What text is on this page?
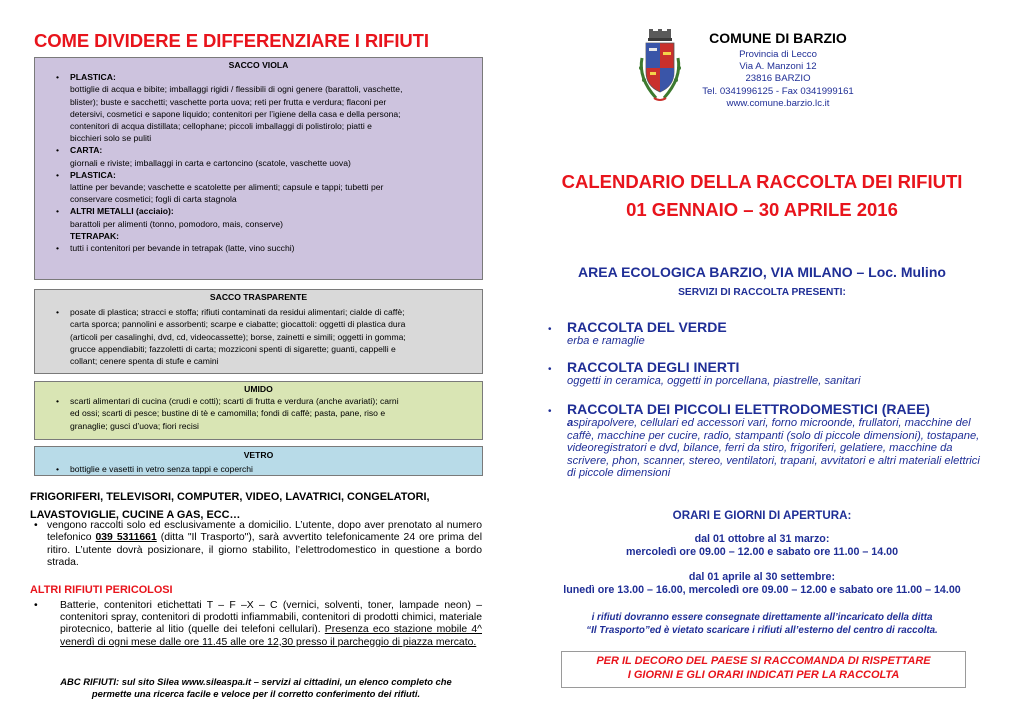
COME DIVIDERE E DIFFERENZIARE I RIFIUTI
SACCO VIOLA
• PLASTICA:
bottiglie di acqua e bibite; imballaggi rigidi / flessibili di ogni genere (barattoli, vaschette,
blister); buste e sacchetti; vaschette porta uova; reti per frutta e verdura; flaconi per
detersivi, cosmetici e sapone liquido; contenitori per l’igiene della casa e della persona;
contenitori di acqua distillata; cellophane; piccoli imballaggi di polistirolo; piatti e
bicchieri solo se puliti
• CARTA:
giornali e riviste; imballaggi in carta e cartoncino (scatole, vaschette uova)
• PLASTICA:
lattine per bevande; vaschette e scatolette per alimenti; capsule e tappi; tubetti per
conservare cosmetici; fogli di carta stagnola
• ALTRI METALLI (acciaio):
barattoli per alimenti (tonno, pomodoro, mais, conserve)
TETRAPAK:
• tutti i contenitori per bevande in tetrapak (latte, vino succhi)
SACCO TRASPARENTE
• posate di plastica; stracci e stoffa; rifiuti contaminati da residui alimentari; cialde di caffè;
carta sporca; pannolini e assorbenti; scarpe e ciabatte; giocattoli: oggetti di plastica dura
(articoli per casalinghi, dvd, cd, videocassette); borse, zainetti e simili; oggetti in gomma;
grucce appendiabiti; fazzoletti di carta; mozziconi spenti di sigarette; guanti, cappelli e
collant; cenere spenta di stufe e camini
UMIDO
• scarti alimentari di cucina (crudi e cotti); scarti di frutta e verdura (anche avariati); carni
ed ossi; scarti di pesce; bustine di tè e camomilla; fondi di caffè; pasta, pane, riso e
granaglie; gusci d’uova; fiori recisi
VETRO
• bottiglie e vasetti in vetro senza tappi e coperchi
FRIGORIFERI, TELEVISORI, COMPUTER, VIDEO, LAVATRICI, CONGELATORI, LAVASTOVIGLIE, CUCINE A GAS, ECC…
• vengono raccolti solo ed esclusivamente a domicilio. L’utente, dopo aver prenotato al numero telefonico 039 5311661 (ditta "Il Trasporto"), sarà avvertito telefonicamente 24 ore prima del ritiro. L’utente dovrà posizionare, il giorno stabilito, l’elettrodomestico in questione a bordo strada.
ALTRI RIFIUTI PERICOLOSI
•	Batterie, contenitori etichettati T – F –X – C (vernici, solventi, toner, lampade neon) – contenitori spray, contenitori di prodotti infiammabili, contenitori di prodotti chimici, materiale pirotecnico, batterie al litio (quelle dei telefoni cellulari). Presenza eco stazione mobile 4^ venerdì di ogni mese dalle ore 11.45 alle ore 12,30 presso il parcheggio di piazza mercato.
ABC RIFIUTI: sul sito Silea www.sileaspa.it – servizi ai cittadini, un elenco completo che
permette una ricerca facile e veloce per il corretto conferimento dei rifiuti.
COMUNE DI BARZIO
Provincia di Lecco
Via A. Manzoni 12
23816 BARZIO
Tel. 0341996125 - Fax 0341999161
www.comune.barzio.lc.it
CALENDARIO DELLA RACCOLTA DEI RIFIUTI
01 GENNAIO – 30 APRILE 2016
AREA ECOLOGICA BARZIO, VIA MILANO – Loc. Mulino
SERVIZI DI RACCOLTA PRESENTI:
•	RACCOLTA DEL VERDE
erba e ramaglie
•	RACCOLTA DEGLI INERTI
oggetti in ceramica, oggetti in porcellana, piastrelle, sanitari
•	RACCOLTA DEI PICCOLI ELETTRODOMESTICI (RAEE)
aspirapolvere, cellulari ed accessori vari, forno microonde, frullatori, macchine del caffè, macchine per cucire, radio, stampanti (solo di piccole dimensioni), tostapane, videoregistratori e dvd, bilance, ferri da stiro, frigoriferi, gelatiere, macchine da scrivere, phon, scanner, stereo, ventilatori, trapani, avvitatori e altri materiali elettrici di piccole dimensioni
ORARI E GIORNI DI APERTURA:
dal 01 ottobre al 31 marzo:
mercoledì ore 09.00 – 12.00 e sabato ore 11.00 – 14.00
dal 01 aprile al 30 settembre:
lunedì ore 13.00 – 16.00, mercoledì ore 09.00 – 12.00 e sabato ore 11.00 – 14.00
i rifiuti dovranno essere consegnate direttamente all’incaricato della ditta
“Il Trasporto”ed è vietato scaricare i rifiuti all’esterno del centro di raccolta.
PER IL DECORO DEL PAESE SI RACCOMANDA DI RISPETTARE
I GIORNI E GLI ORARI INDICATI PER LA RACCOLTA
